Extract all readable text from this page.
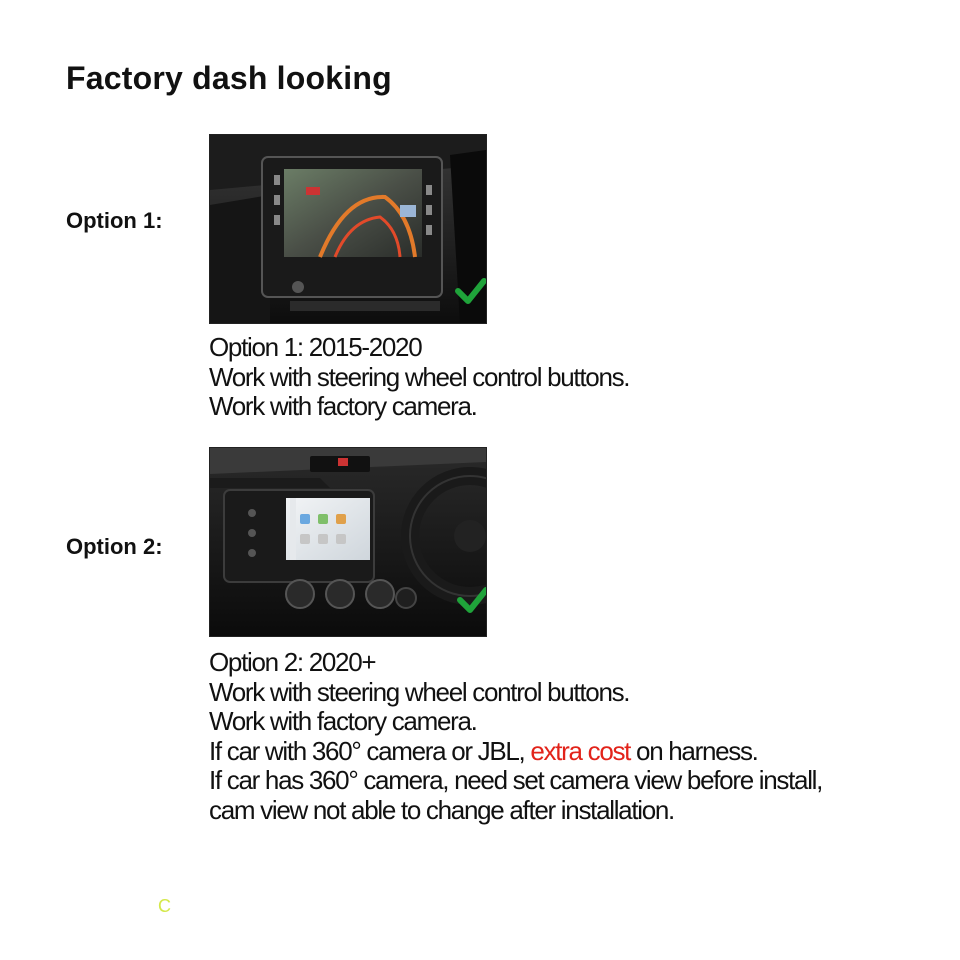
Factory dash looking
Option 1:
Option 1: 2015-2020
Work with steering wheel control buttons.
Work with factory camera.
Option 2:
Option 2: 2020+
Work with steering wheel control buttons.
Work with factory camera.
If car with 360° camera or JBL, extra cost on harness.
If car has 360° camera, need set camera view before install,
cam view not able to change after installation.
C
